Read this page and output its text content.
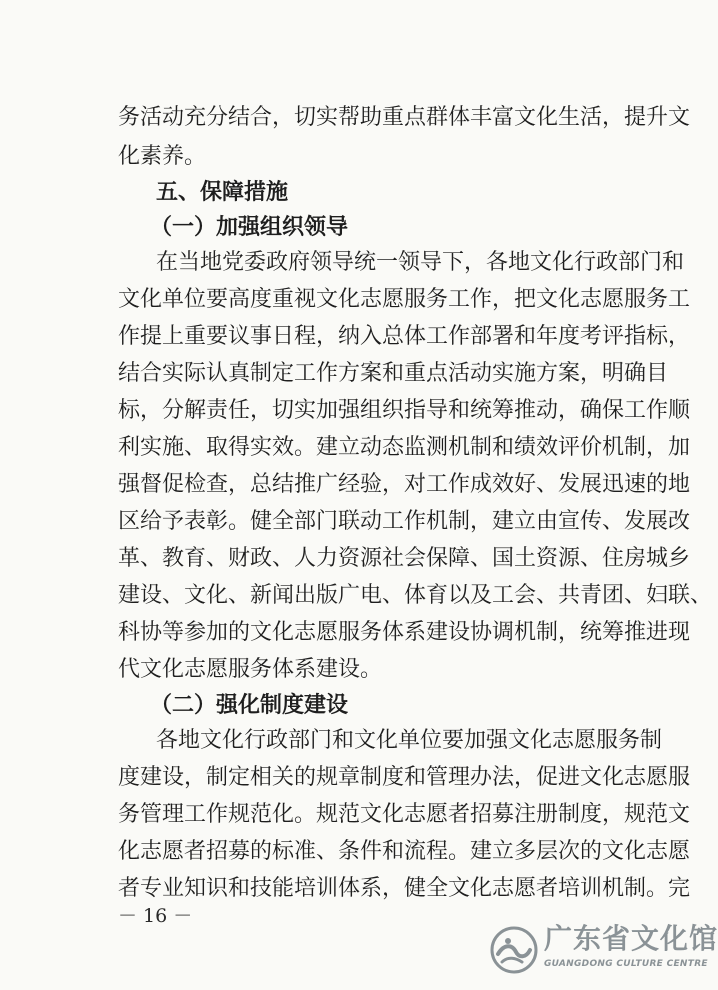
务活动充分结合，切实帮助重点群体丰富文化生活，提升文
化素养。
五、保障措施
（一）加强组织领导
在当地党委政府领导统一领导下，各地文化行政部门和
文化单位要高度重视文化志愿服务工作，把文化志愿服务工
作提上重要议事日程，纳入总体工作部署和年度考评指标，
结合实际认真制定工作方案和重点活动实施方案，明确目
标，分解责任，切实加强组织指导和统筹推动，确保工作顺
利实施、取得实效。建立动态监测机制和绩效评价机制，加
强督促检查，总结推广经验，对工作成效好、发展迅速的地
区给予表彰。健全部门联动工作机制，建立由宣传、发展改
革、教育、财政、人力资源社会保障、国土资源、住房城乡
建设、文化、新闻出版广电、体育以及工会、共青团、妇联、
科协等参加的文化志愿服务体系建设协调机制，统筹推进现
代文化志愿服务体系建设。
（二）强化制度建设
各地文化行政部门和文化单位要加强文化志愿服务制
度建设，制定相关的规章制度和管理办法，促进文化志愿服
务管理工作规范化。规范文化志愿者招募注册制度，规范文
化志愿者招募的标准、条件和流程。建立多层次的文化志愿
者专业知识和技能培训体系，健全文化志愿者培训机制。完
－ 16 －
广东省文化馆
GUANGDONG CULTURE CENTRE
